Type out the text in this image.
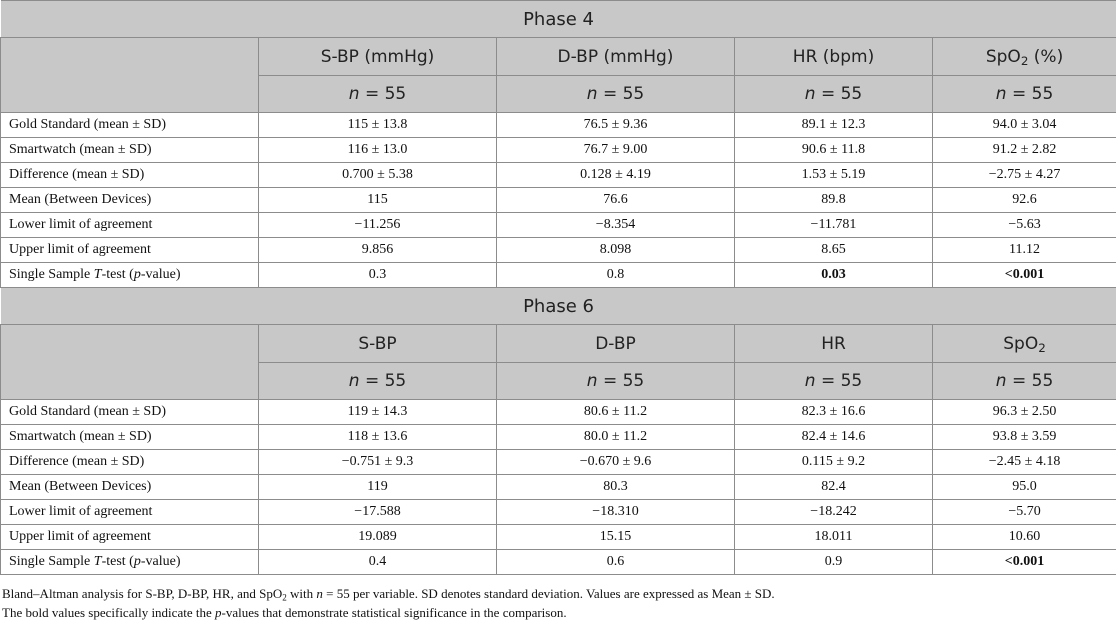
Phase 4				
	S-BP (mmHg)	D-BP (mmHg)	HR (bpm)	SpO$_2$ (%)
	n = 55	n = 55	n = 55	n = 55
Gold Standard (mean ± SD)	115 ± 13.8	76.5 ± 9.36	89.1 ± 12.3	94.0 ± 3.04
Smartwatch (mean ± SD)	116 ± 13.0	76.7 ± 9.00	90.6 ± 11.8	91.2 ± 2.82
Difference (mean ± SD)	0.700 ± 5.38	0.128 ± 4.19	1.53 ± 5.19	−2.75 ± 4.27
Mean (Between Devices)	115	76.6	89.8	92.6
Lower limit of agreement	−11.256	−8.354	−11.781	−5.63
Upper limit of agreement	9.856	8.098	8.65	11.12
Single Sample T-test (p-value)	0.3	0.8	0.03	<0.001
Phase 6				
	S-BP	D-BP	HR	SpO$_2$
	n = 55	n = 55	n = 55	n = 55
Gold Standard (mean ± SD)	119 ± 14.3	80.6 ± 11.2	82.3 ± 16.6	96.3 ± 2.50
Smartwatch (mean ± SD)	118 ± 13.6	80.0 ± 11.2	82.4 ± 14.6	93.8 ± 3.59
Difference (mean ± SD)	−0.751 ± 9.3	−0.670 ± 9.6	0.115 ± 9.2	−2.45 ± 4.18
Mean (Between Devices)	119	80.3	82.4	95.0
Lower limit of agreement	−17.588	−18.310	−18.242	−5.70
Upper limit of agreement	19.089	15.15	18.011	10.60
Single Sample T-test (p-value)	0.4	0.6	0.9	<0.001

Bland–Altman analysis for S-BP, D-BP, HR, and SpO$_2$ with n = 55 per variable. SD denotes standard deviation. Values are expressed as Mean ± SD.

The bold values specifically indicate the p-values that demonstrate statistical significance in the comparison.
